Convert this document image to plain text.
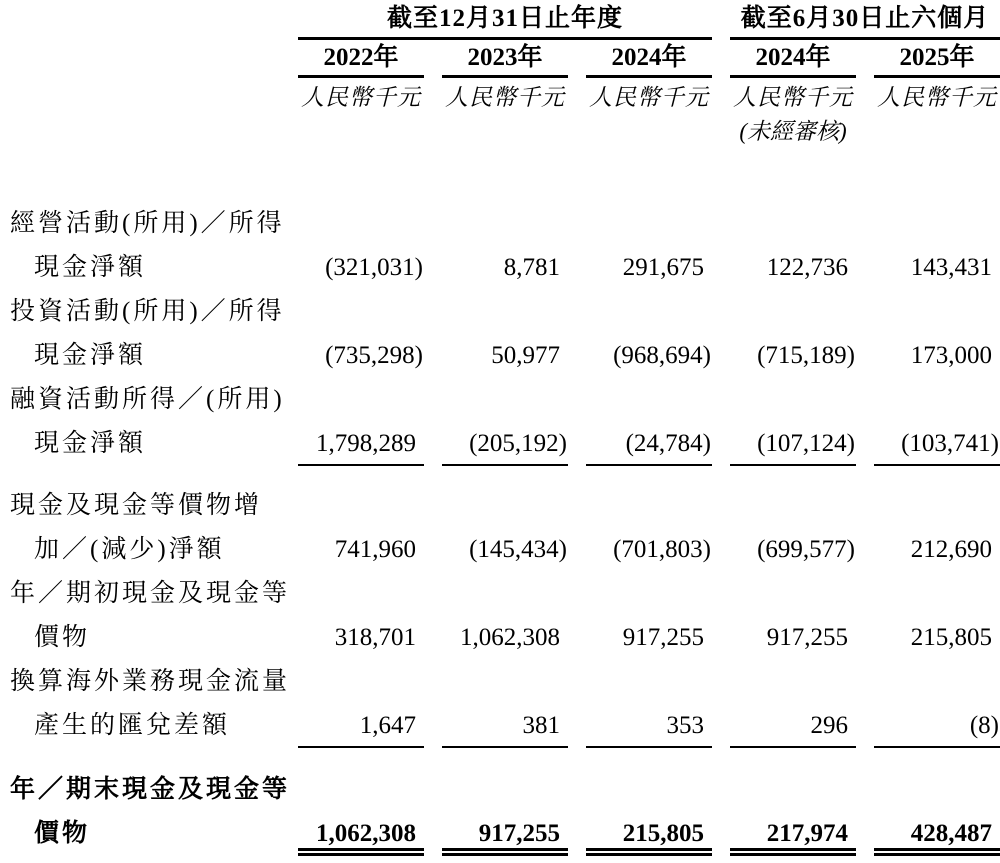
截至12月31日止年度	截至6月30日止六個月
2022年	2023年	2024年	2024年	2025年
人民幣千元 人民幣千元 人民幣千元 人民幣千元 人民幣千元
(未經審核)
經營活動(所用)／所得
現金淨額	(321,031)	8,781	291,675	122,736	143,431
投資活動(所用)／所得
現金淨額	(735,298)	50,977	(968,694)	(715,189)	173,000
融資活動所得／(所用)
現金淨額	1,798,289	(205,192)	(24,784)	(107,124)	(103,741)
現金及現金等價物增
加／(減少)淨額	741,960	(145,434)	(701,803)	(699,577)	212,690
年／期初現金及現金等
價物	318,701	1,062,308	917,255	917,255	215,805
換算海外業務現金流量
產生的匯兌差額	1,647	381	353	296	(8)
年／期末現金及現金等
價物	1,062,308	917,255	215,805	217,974	428,487
